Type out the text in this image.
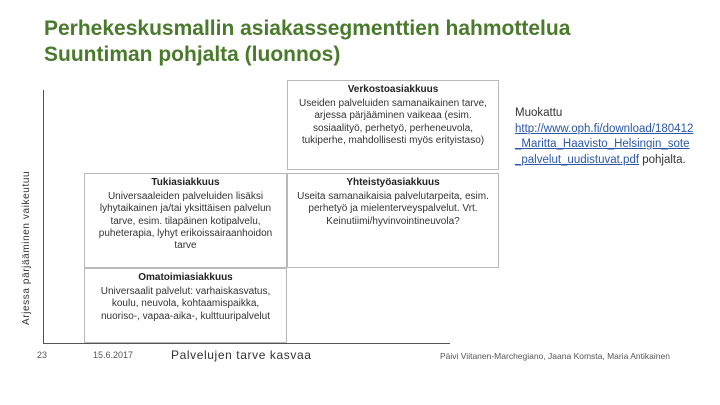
Perhekeskusmallin asiakassegmenttien hahmottelua
Suuntiman pohjalta (luonnos)
Arjessa pärjääminen vaikeutuu
Verkostoasiakkuus
Useiden palveluiden samanaikainen tarve, arjessa pärjääminen vaikeaa (esim. sosiaalityö, perhetyö, perheneuvola, tukiperhe, mahdollisesti myös erityistaso)
Tukiasiakkuus
Universaaleiden palveluiden lisäksi lyhytaikainen ja/tai yksittäisen palvelun tarve, esim. tilapäinen kotipalvelu, puheterapia, lyhyt erikoissairaanhoidon tarve
Yhteistyöasiakkuus
Useita samanaikaisia palvelutarpeita, esim. perhetyö ja mielenterveyspalvelut. Vrt. Keinutiimi/hyvinvointineuvola?
Omatoimiasiakkuus
Universaalit palvelut: varhaiskasvatus, koulu, neuvola, kohtaamispaikka, nuoriso-, vapaa-aika-, kulttuuripalvelut
Muokattu
http://www.oph.fi/download/180412_Maritta_Haavisto_Helsingin_sote_palvelut_uudistuvat.pdf pohjalta.
23	15.6.2017	Palvelujen tarve kasvaa	Päivi Viitanen-Marchegiano, Jaana Komsta, Maria Antikainen
